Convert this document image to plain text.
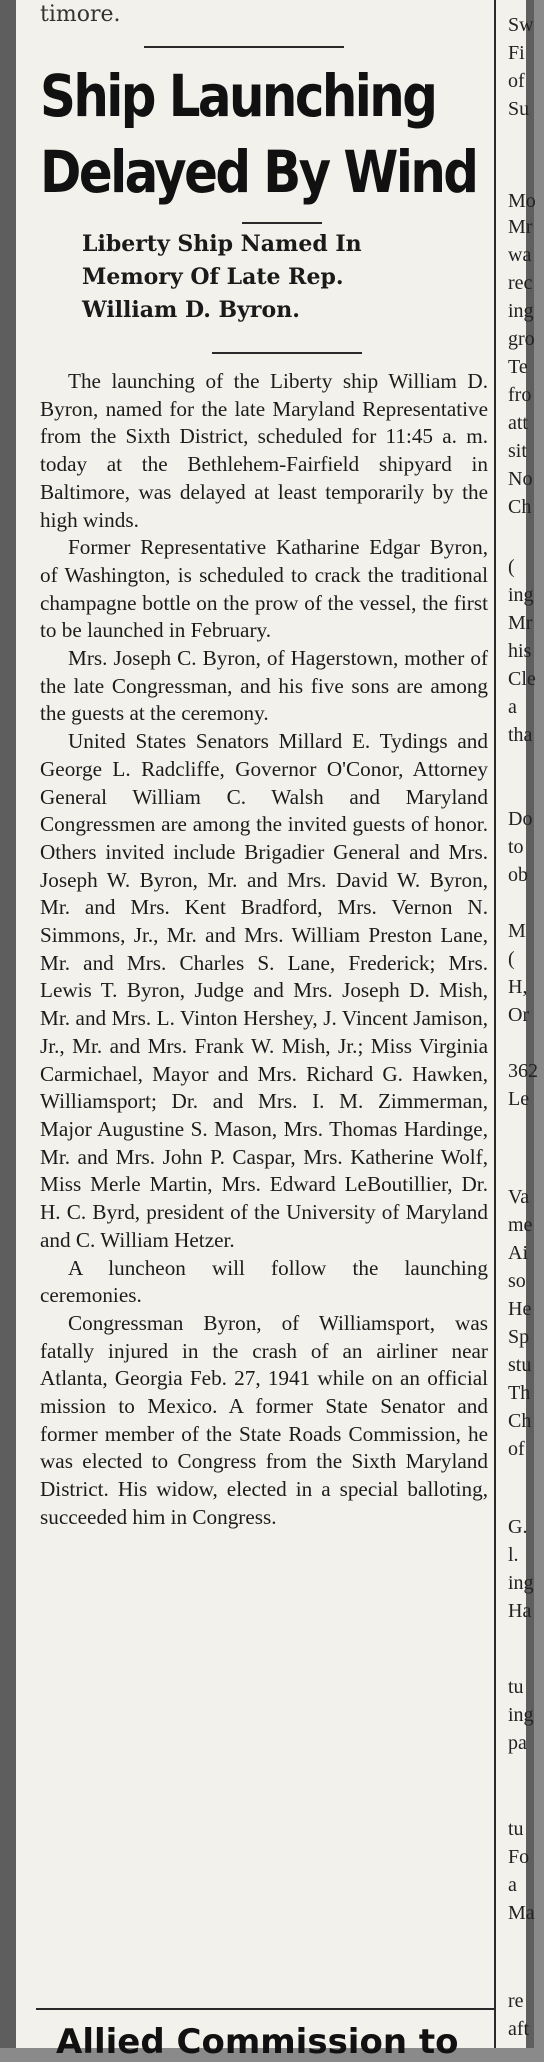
timore.
Ship Launching
Delayed By Wind
Liberty Ship Named In
Memory Of Late Rep.
William D. Byron.

The launching of the Liberty ship William D. Byron, named for the late Maryland Representative from the Sixth District, scheduled for 11:45 a. m. today at the Bethlehem-Fairfield shipyard in Baltimore, was delayed at least temporarily by the high winds.

Former Representative Katharine Edgar Byron, of Washington, is scheduled to crack the traditional champagne bottle on the prow of the vessel, the first to be launched in February.

Mrs. Joseph C. Byron, of Hagerstown, mother of the late Congressman, and his five sons are among the guests at the ceremony.

United States Senators Millard E. Tydings and George L. Radcliffe, Governor O'Conor, Attorney General William C. Walsh and Maryland Congressmen are among the invited guests of honor. Others invited include Brigadier General and Mrs. Joseph W. Byron, Mr. and Mrs. David W. Byron, Mr. and Mrs. Kent Bradford, Mrs. Vernon N. Simmons, Jr., Mr. and Mrs. William Preston Lane, Mr. and Mrs. Charles S. Lane, Frederick; Mrs. Lewis T. Byron, Judge and Mrs. Joseph D. Mish, Mr. and Mrs. L. Vinton Hershey, J. Vincent Jamison, Jr., Mr. and Mrs. Frank W. Mish, Jr.; Miss Virginia Carmichael, Mayor and Mrs. Richard G. Hawken, Williamsport; Dr. and Mrs. I. M. Zimmerman, Major Augustine S. Mason, Mrs. Thomas Hardinge, Mr. and Mrs. John P. Caspar, Mrs. Katherine Wolf, Miss Merle Martin, Mrs. Edward LeBoutillier, Dr. H. C. Byrd, president of the University of Maryland and C. William Hetzer.

A luncheon will follow the launching ceremonies.

Congressman Byron, of Williamsport, was fatally injured in the crash of an airliner near Atlanta, Georgia Feb. 27, 1941 while on an official mission to Mexico. A former State Senator and former member of the State Roads Commission, he was elected to Congress from the Sixth Maryland District. His widow, elected in a special balloting, succeeded him in Congress.

Allied Commission to
Sw
Fi
of
Su
Mo
Mr
wa
rec
ing
gro
Te
fro
att
sit
No
Ch
(
ing
Mr
his
Cle
a
tha
Do
to
ob
M
(
H,
Or
362
Le
Va
me
Ai
so
He
Sp
stu
Th
Ch
of
G.
l.
ing
Ha
tu
ing
pa
tu
Fo
a
Ma
re
aft
